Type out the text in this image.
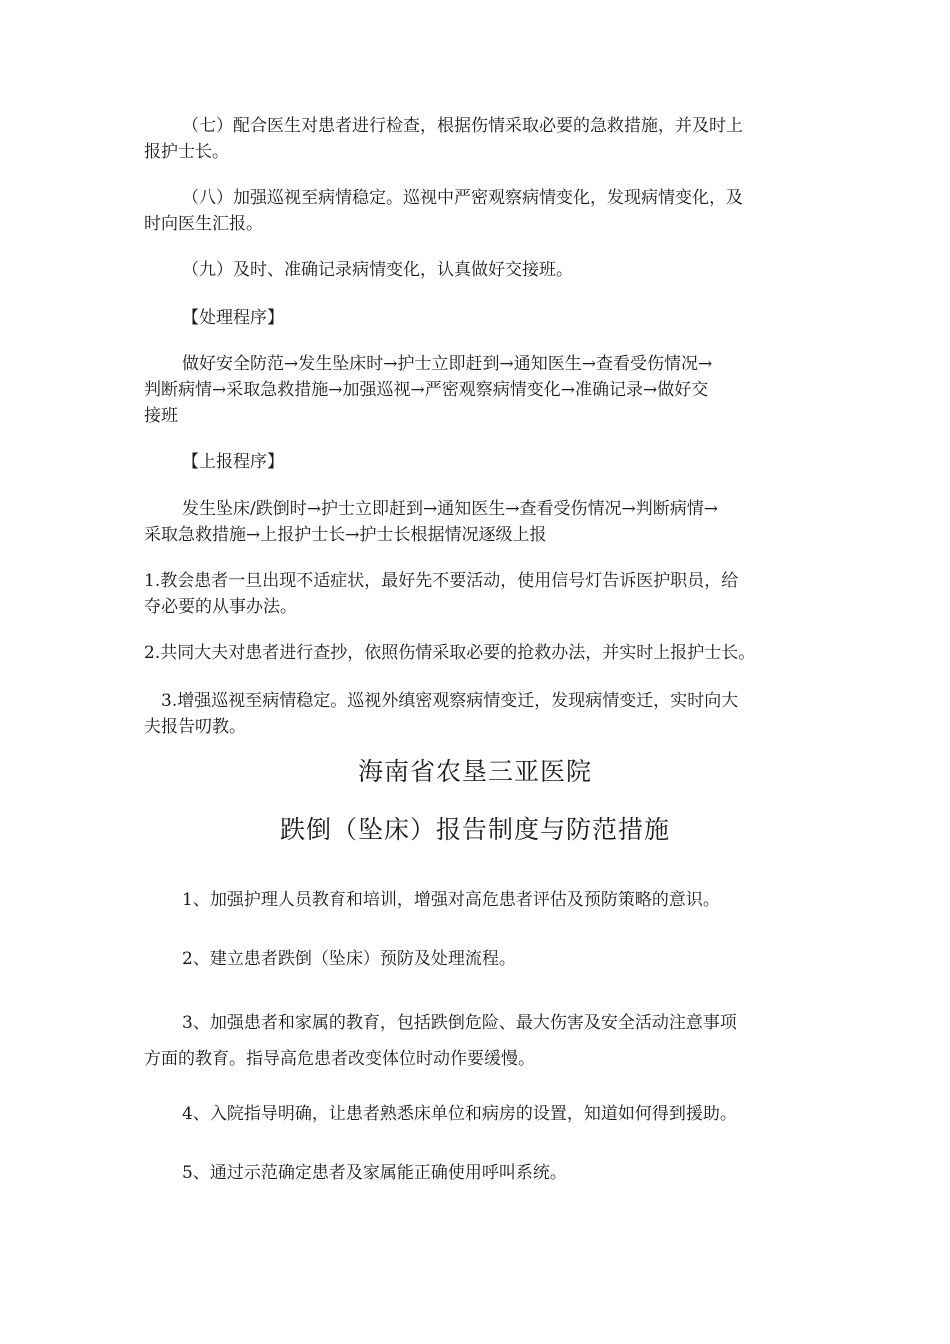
（七）配合医生对患者进行检查，根据伤情采取必要的急救措施，并及时上
报护士长。

（八）加强巡视至病情稳定。巡视中严密观察病情变化，发现病情变化，及
时向医生汇报。

（九）及时、准确记录病情变化，认真做好交接班。

【处理程序】

做好安全防范→发生坠床时→护士立即赶到→通知医生→查看受伤情况→
判断病情→采取急救措施→加强巡视→严密观察病情变化→准确记录→做好交
接班

【上报程序】

发生坠床/跌倒时→护士立即赶到→通知医生→查看受伤情况→判断病情→
采取急救措施→上报护士长→护士长根据情况逐级上报

1.教会患者一旦出现不适症状，最好先不要活动，使用信号灯告诉医护职员，给
夺必要的从事办法。

2.共同大夫对患者进行查抄，依照伤情采取必要的抢救办法，并实时上报护士长。

3.增强巡视至病情稳定。巡视外缜密观察病情变迁，发现病情变迁，实时向大
夫报告叨教。

海南省农垦三亚医院
跌倒（坠床）报告制度与防范措施

1、加强护理人员教育和培训，增强对高危患者评估及预防策略的意识。

2、建立患者跌倒（坠床）预防及处理流程。

3、加强患者和家属的教育，包括跌倒危险、最大伤害及安全活动注意事项
方面的教育。指导高危患者改变体位时动作要缓慢。

4、入院指导明确，让患者熟悉床单位和病房的设置，知道如何得到援助。

5、通过示范确定患者及家属能正确使用呼叫系统。
